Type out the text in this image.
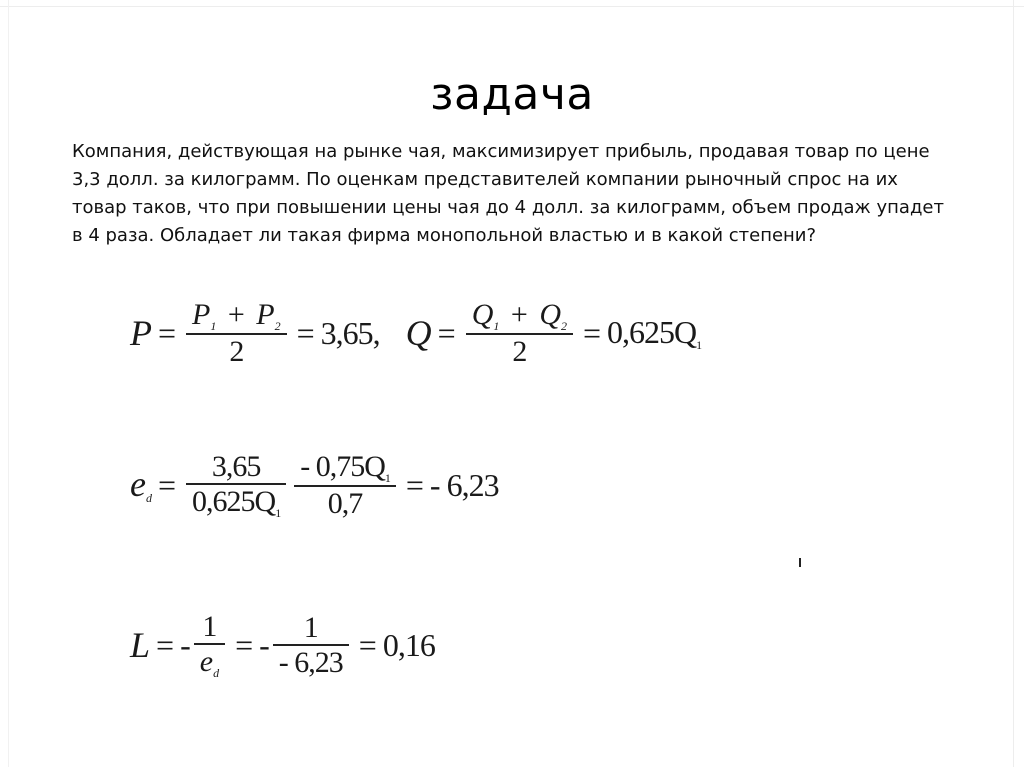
задача
Компания, действующая на рынке чая, максимизирует прибыль, продавая товар по цене 3,3 долл. за килограмм. По оценкам представителей компании рыночный спрос на их товар таков, что при повышении цены чая до 4 долл. за килограмм, объем продаж упадет в 4 раза. Обладает ли такая фирма монопольной властью и в какой степени?
$P = \frac{P_1 + P_2}{2} = 3,65$, $Q = \frac{Q_1 + Q_2}{2} = 0,625Q_1$
$e_d = \frac{3,65}{0,625Q_1} \frac{- 0,75Q_1}{0,7}$ = - 6,23
L = - $\frac{1}{e_d}$ = - $\frac{1}{- 6,23} = 0,16$
